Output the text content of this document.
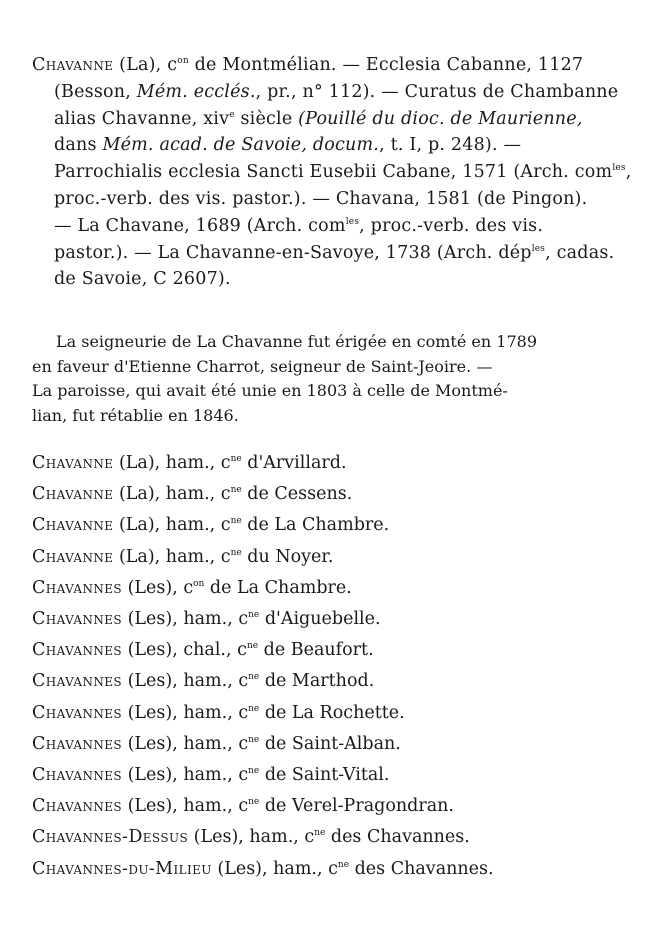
Chavanne (La), $c^{on}$ de Montmélian. — Ecclesia Cabanne, 1127
(Besson, Mém. ecclés., pr., n° 112). — Curatus de Chambanne
alias Chavanne, xiv$^e$ siècle (Pouillé du dioc. de Maurienne,
dans Mém. acad. de Savoie, docum., t. I, p. 248). —
Parrochialis ecclesia Sancti Eusebii Cabane, 1571 (Arch. com$^{les}$,
proc.-verb. des vis. pastor.). — Chavana, 1581 (de Pingon).
— La Chavane, 1689 (Arch. com$^{les}$, proc.-verb. des vis.
pastor.). — La Chavanne-en-Savoye, 1738 (Arch. dép$^{les}$, cadas.
de Savoie, C 2607).
La seigneurie de La Chavanne fut érigée en comté en 1789
en faveur d'Etienne Charrot, seigneur de Saint-Jeoire. —
La paroisse, qui avait été unie en 1803 à celle de Montmé-
lian, fut rétablie en 1846.
Chavanne (La), ham., $c^{ne}$ d'Arvillard.
Chavanne (La), ham., $c^{ne}$ de Cessens.
Chavanne (La), ham., $c^{ne}$ de La Chambre.
Chavanne (La), ham., $c^{ne}$ du Noyer.
Chavannes (Les), $c^{on}$ de La Chambre.
Chavannes (Les), ham., $c^{ne}$ d'Aiguebelle.
Chavannes (Les), chal., $c^{ne}$ de Beaufort.
Chavannes (Les), ham., $c^{ne}$ de Marthod.
Chavannes (Les), ham., $c^{ne}$ de La Rochette.
Chavannes (Les), ham., $c^{ne}$ de Saint-Alban.
Chavannes (Les), ham., $c^{ne}$ de Saint-Vital.
Chavannes (Les), ham., $c^{ne}$ de Verel-Pragondran.
Chavannes-Dessus (Les), ham., $c^{ne}$ des Chavannes.
Chavannes-du-Milieu (Les), ham., $c^{ne}$ des Chavannes.
